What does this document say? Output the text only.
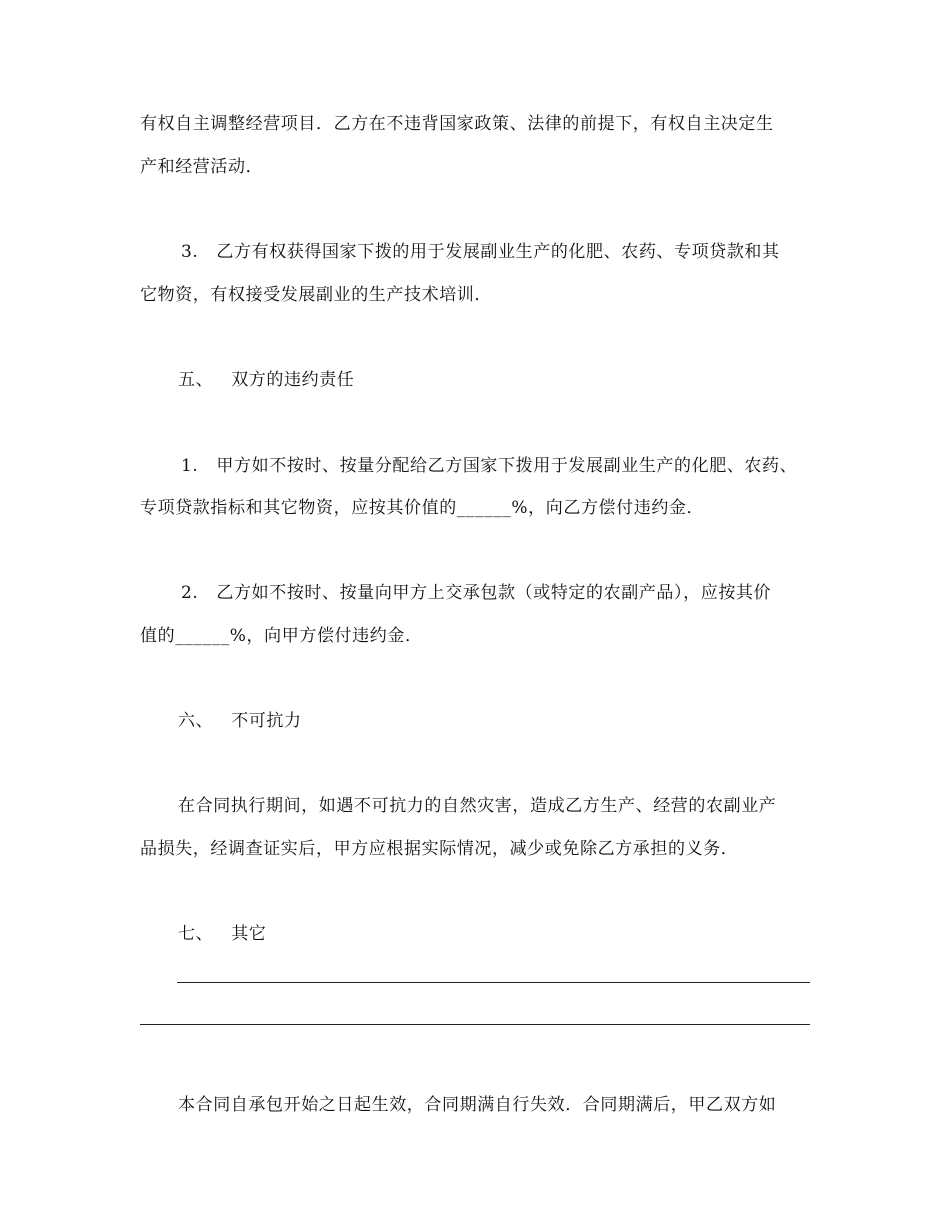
有权自主调整经营项目．乙方在不违背国家政策、法律的前提下，有权自主决定生
产和经营活动．
3.   乙方有权获得国家下拨的用于发展副业生产的化肥、农药、专项贷款和其
它物资，有权接受发展副业的生产技术培训．
五、   双方的违约责任
1.   甲方如不按时、按量分配给乙方国家下拨用于发展副业生产的化肥、农药、
专项贷款指标和其它物资，应按其价值的______%，向乙方偿付违约金．
2.   乙方如不按时、按量向甲方上交承包款（或特定的农副产品），应按其价
值的______%，向甲方偿付违约金．
六、   不可抗力
在合同执行期间，如遇不可抗力的自然灾害，造成乙方生产、经营的农副业产
品损失，经调查证实后，甲方应根据实际情况，减少或免除乙方承担的义务．
七、   其它
本合同自承包开始之日起生效，合同期满自行失效．合同期满后，甲乙双方如
